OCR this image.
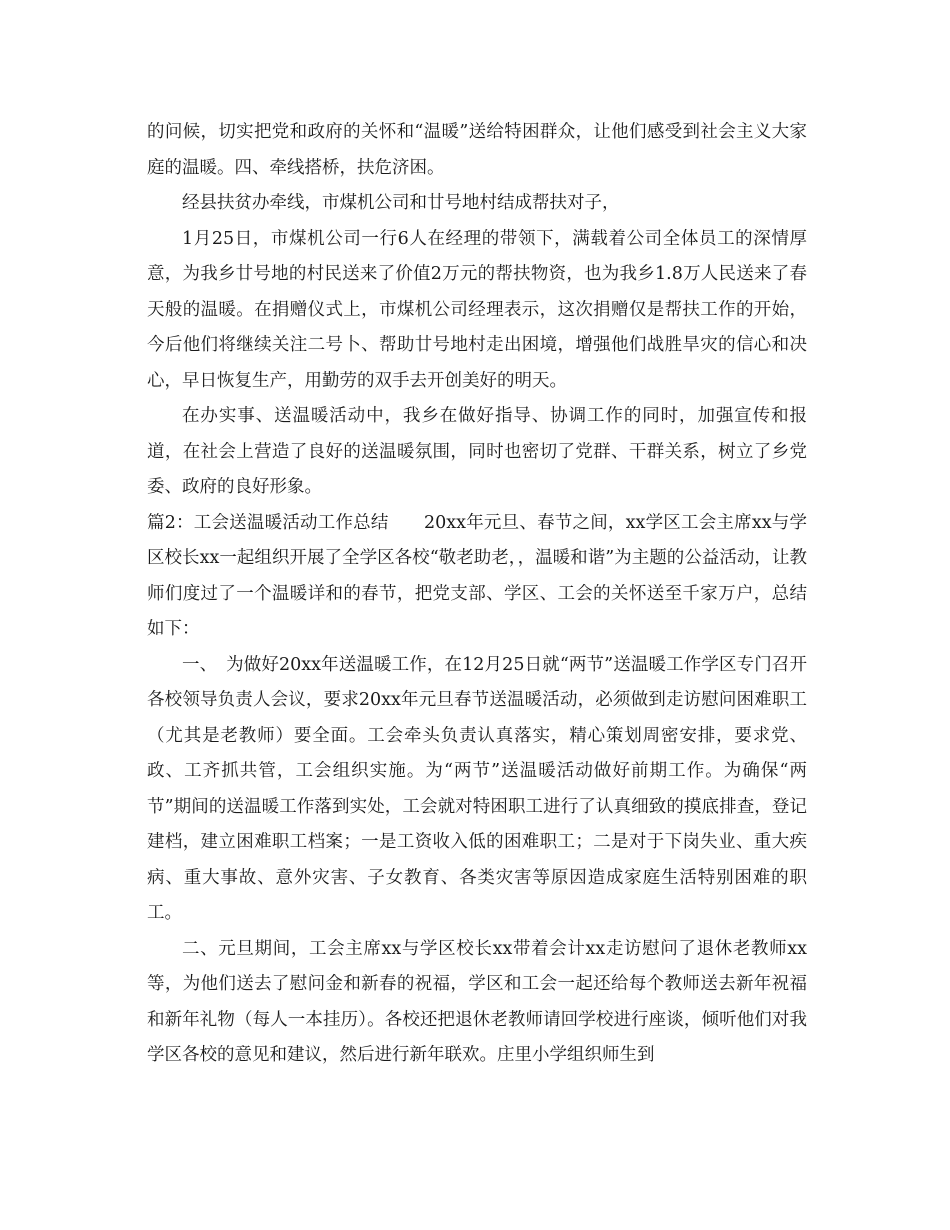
的问候，切实把党和政府的关怀和“温暖”送给特困群众，让他们感受到社会主义大家庭的温暖。四、牵线搭桥，扶危济困。

经县扶贫办牵线，市煤机公司和廿号地村结成帮扶对子，

1月25日，市煤机公司一行6人在经理的带领下，满载着公司全体员工的深情厚意，为我乡廿号地的村民送来了价值2万元的帮扶物资，也为我乡1.8万人民送来了春天般的温暖。在捐赠仪式上，市煤机公司经理表示，这次捐赠仅是帮扶工作的开始，今后他们将继续关注二号卜、帮助廿号地村走出困境，增强他们战胜旱灾的信心和决心，早日恢复生产，用勤劳的双手去开创美好的明天。

在办实事、送温暖活动中，我乡在做好指导、协调工作的同时，加强宣传和报道，在社会上营造了良好的送温暖氛围，同时也密切了党群、干群关系，树立了乡党委、政府的良好形象。

篇2：工会送温暖活动工作总结　　20xx年元旦、春节之间，xx学区工会主席xx与学区校长xx一起组织开展了全学区各校“敬老助老，，温暖和谐”为主题的公益活动，让教师们度过了一个温暖详和的春节，把党支部、学区、工会的关怀送至千家万户，总结如下：

一、　为做好20xx年送温暖工作，在12月25日就“两节”送温暖工作学区专门召开各校领导负责人会议，要求20xx年元旦春节送温暖活动，必须做到走访慰问困难职工（尤其是老教师）要全面。工会牵头负责认真落实，精心策划周密安排，要求党、政、工齐抓共管，工会组织实施。为“两节”送温暖活动做好前期工作。为确保“两节”期间的送温暖工作落到实处，工会就对特困职工进行了认真细致的摸底排查，登记建档，建立困难职工档案；一是工资收入低的困难职工；二是对于下岗失业、重大疾病、重大事故、意外灾害、子女教育、各类灾害等原因造成家庭生活特别困难的职工。

二、元旦期间，工会主席xx与学区校长xx带着会计xx走访慰问了退休老教师xx等，为他们送去了慰问金和新春的祝福，学区和工会一起还给每个教师送去新年祝福和新年礼物（每人一本挂历）。各校还把退休老教师请回学校进行座谈，倾听他们对我学区各校的意见和建议，然后进行新年联欢。庄里小学组织师生到
